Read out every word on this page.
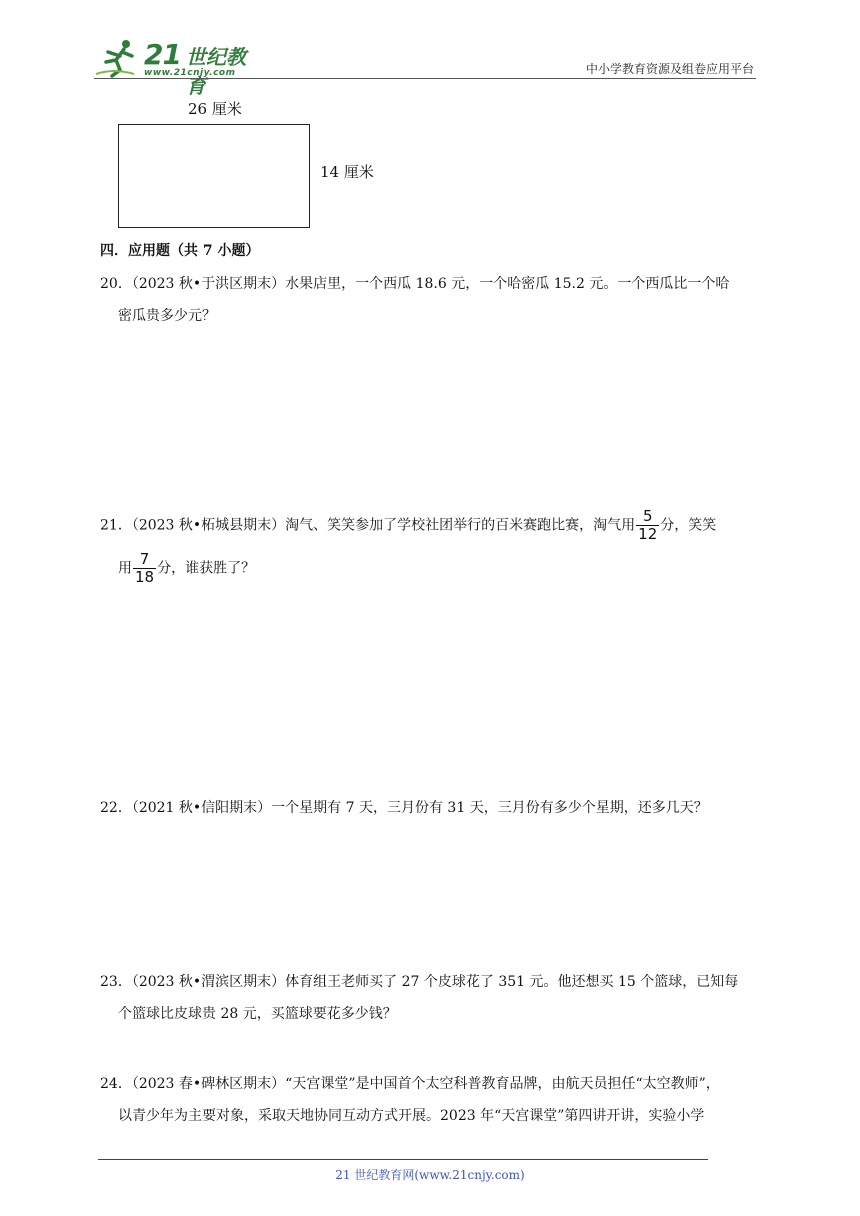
21 世纪教育
www.21cnjy.com	中小学教育资源及组卷应用平台
26 厘米
14 厘米
四．应用题（共 7 小题）
20．（2023 秋•于洪区期末）水果店里，一个西瓜 18.6 元，一个哈密瓜 15.2 元。一个西瓜比一个哈
密瓜贵多少元？
21．（2023 秋•柘城县期末）淘气、笑笑参加了学校社团举行的百米赛跑比赛，淘气用 $\frac{5}{12}$ 分，笑笑
用 $\frac{7}{18}$ 分，谁获胜了？
22．（2021 秋•信阳期末）一个星期有 7 天，三月份有 31 天，三月份有多少个星期，还多几天？
23．（2023 秋•渭滨区期末）体育组王老师买了 27 个皮球花了 351 元。他还想买 15 个篮球，已知每
个篮球比皮球贵 28 元，买篮球要花多少钱？
24．（2023 春•碑林区期末）“天宫课堂”是中国首个太空科普教育品牌，由航天员担任“太空教师”，
以青少年为主要对象，采取天地协同互动方式开展。2023 年“天宫课堂”第四讲开讲，实验小学
21 世纪教育网(www.21cnjy.com)
